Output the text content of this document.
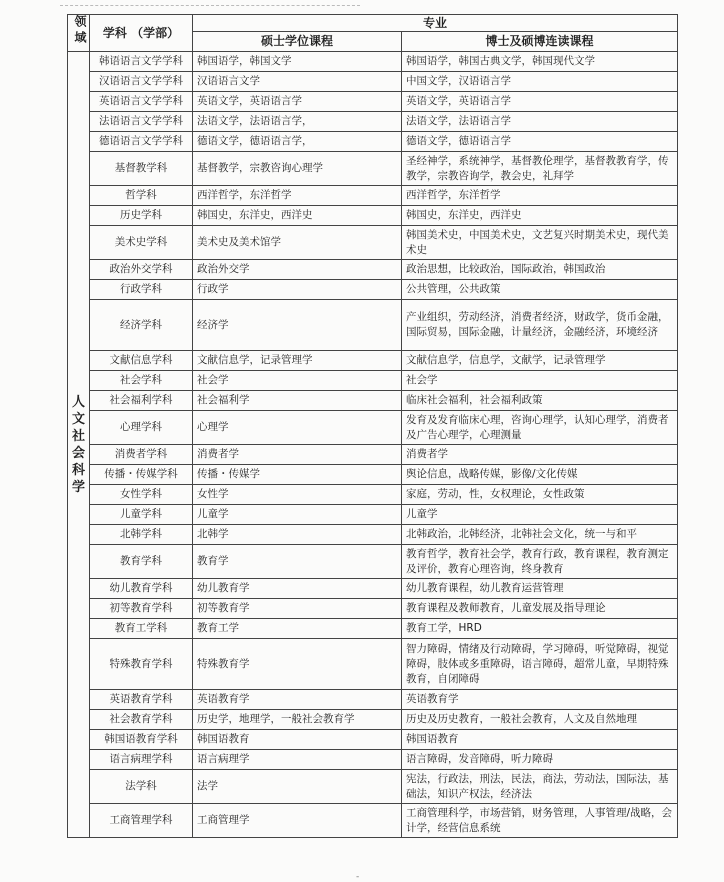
领域	学科 （学部）	专业	
		硕士学位课程	博士及硕博连读课程
人文社会科学	韩语语言文学学科	韩国语学，韩国文学	韩国语学，韩国古典文学，韩国现代文学
	汉语语言文学学科	汉语语言文学	中国文学，汉语语言学
	英语语言文学学科	英语文学，英语语言学	英语文学，英语语言学
	法语语言文学学科	法语文学，法语语言学，	法语文学，法语语言学
	德语语言文学学科	德语文学，德语语言学，	德语文学，德语语言学
	基督教学科	基督教学，宗教咨询心理学	圣经神学，系统神学，基督教伦理学，基督教教育学，传教学，宗教咨询学，教会史，礼拜学
	哲学科	西洋哲学，东洋哲学	西洋哲学，东洋哲学
	历史学科	韩国史，东洋史，西洋史	韩国史，东洋史，西洋史
	美术史学科	美术史及美术馆学	韩国美术史，中国美术史，文艺复兴时期美术史，现代美术史
	政治外交学科	政治外交学	政治思想，比较政治，国际政治，韩国政治
	行政学科	行政学	公共管理，公共政策
	经济学科	经济学	产业组织，劳动经济，消费者经济，财政学，货币金融，国际贸易，国际金融，计量经济，金融经济，环境经济
	文献信息学科	文献信息学，记录管理学	文献信息学，信息学，文献学，记录管理学
	社会学科	社会学	社会学
	社会福利学科	社会福利学	临床社会福利，社会福利政策
	心理学科	心理学	发育及发育临床心理，咨询心理学，认知心理学，消费者及广告心理学，心理测量
	消费者学科	消费者学	消费者学
	传播・传媒学科	传播・传媒学	舆论信息，战略传媒，影像/文化传媒
	女性学科	女性学	家庭，劳动，性，女权理论，女性政策
	儿童学科	儿童学	儿童学
	北韩学科	北韩学	北韩政治，北韩经济，北韩社会文化，统一与和平
	教育学科	教育学	教育哲学，教育社会学，教育行政，教育课程，教育测定及评价，教育心理咨询，终身教育
	幼儿教育学科	幼儿教育学	幼儿教育课程，幼儿教育运营管理
	初等教育学科	初等教育学	教育课程及教师教育，儿童发展及指导理论
	教育工学科	教育工学	教育工学，HRD
	特殊教育学科	特殊教育学	智力障碍，情绪及行动障碍，学习障碍，听觉障碍，视觉障碍，肢体或多重障碍，语言障碍，超常儿童，早期特殊教育，自闭障碍
	英语教育学科	英语教育学	英语教育学
	社会教育学科	历史学，地理学，一般社会教育学	历史及历史教育，一般社会教育，人文及自然地理
	韩国语教育学科	韩国语教育	韩国语教育
	语言病理学科	语言病理学	语言障碍，发音障碍，听力障碍
	法学科	法学	宪法，行政法，刑法，民法，商法，劳动法，国际法，基础法，知识产权法，经济法
	工商管理学科	工商管理学	工商管理科学，市场营销，财务管理，人事管理/战略，会计学，经营信息系统
-
